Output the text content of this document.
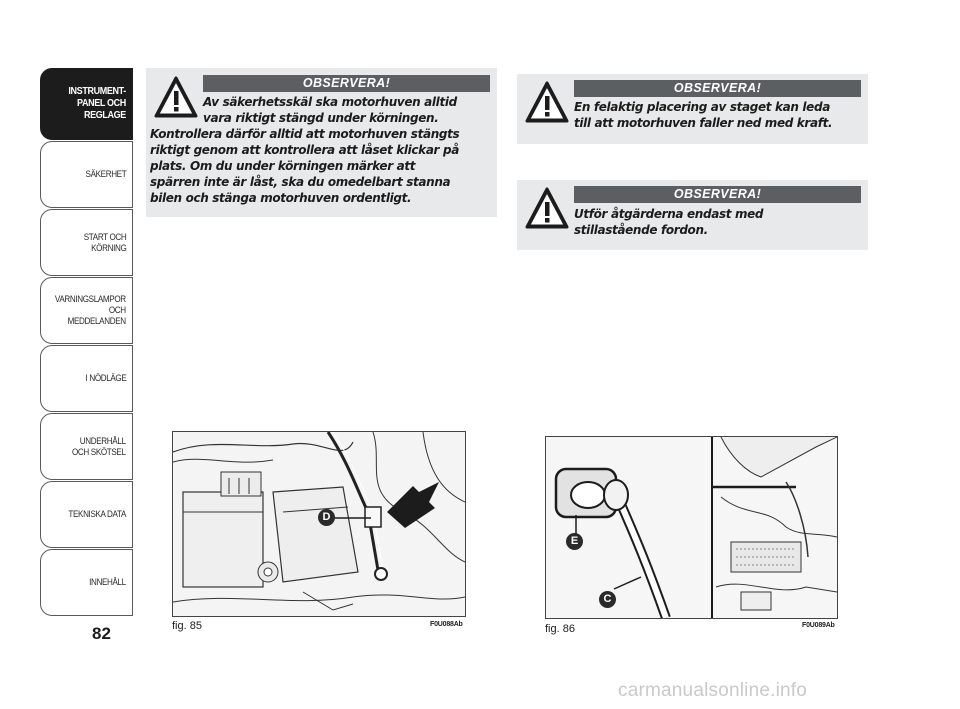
INSTRUMENT-
PANEL OCH
REGLAGE
SÄKERHET
START OCH
KÖRNING
VARNINGSLAMPOR
OCH
MEDDELANDEN
I NÖDLÄGE
UNDERHÅLL
OCH SKÖTSEL
TEKNISKA DATA
INNEHÅLL
82
OBSERVERA!
Av säkerhetsskäl ska motorhuven alltid
vara riktigt stängd under körningen.
Kontrollera därför alltid att motorhuven stängts
riktigt genom att kontrollera att låset klickar på
plats. Om du under körningen märker att
spärren inte är låst, ska du omedelbart stanna
bilen och stänga motorhuven ordentligt.
OBSERVERA!
En felaktig placering av staget kan leda
till att motorhuven faller ned med kraft.
OBSERVERA!
Utför åtgärderna endast med
stillastående fordon.
D
fig. 85	F0U088Ab
E
C
fig. 86	F0U089Ab
carmanualsonline.info
